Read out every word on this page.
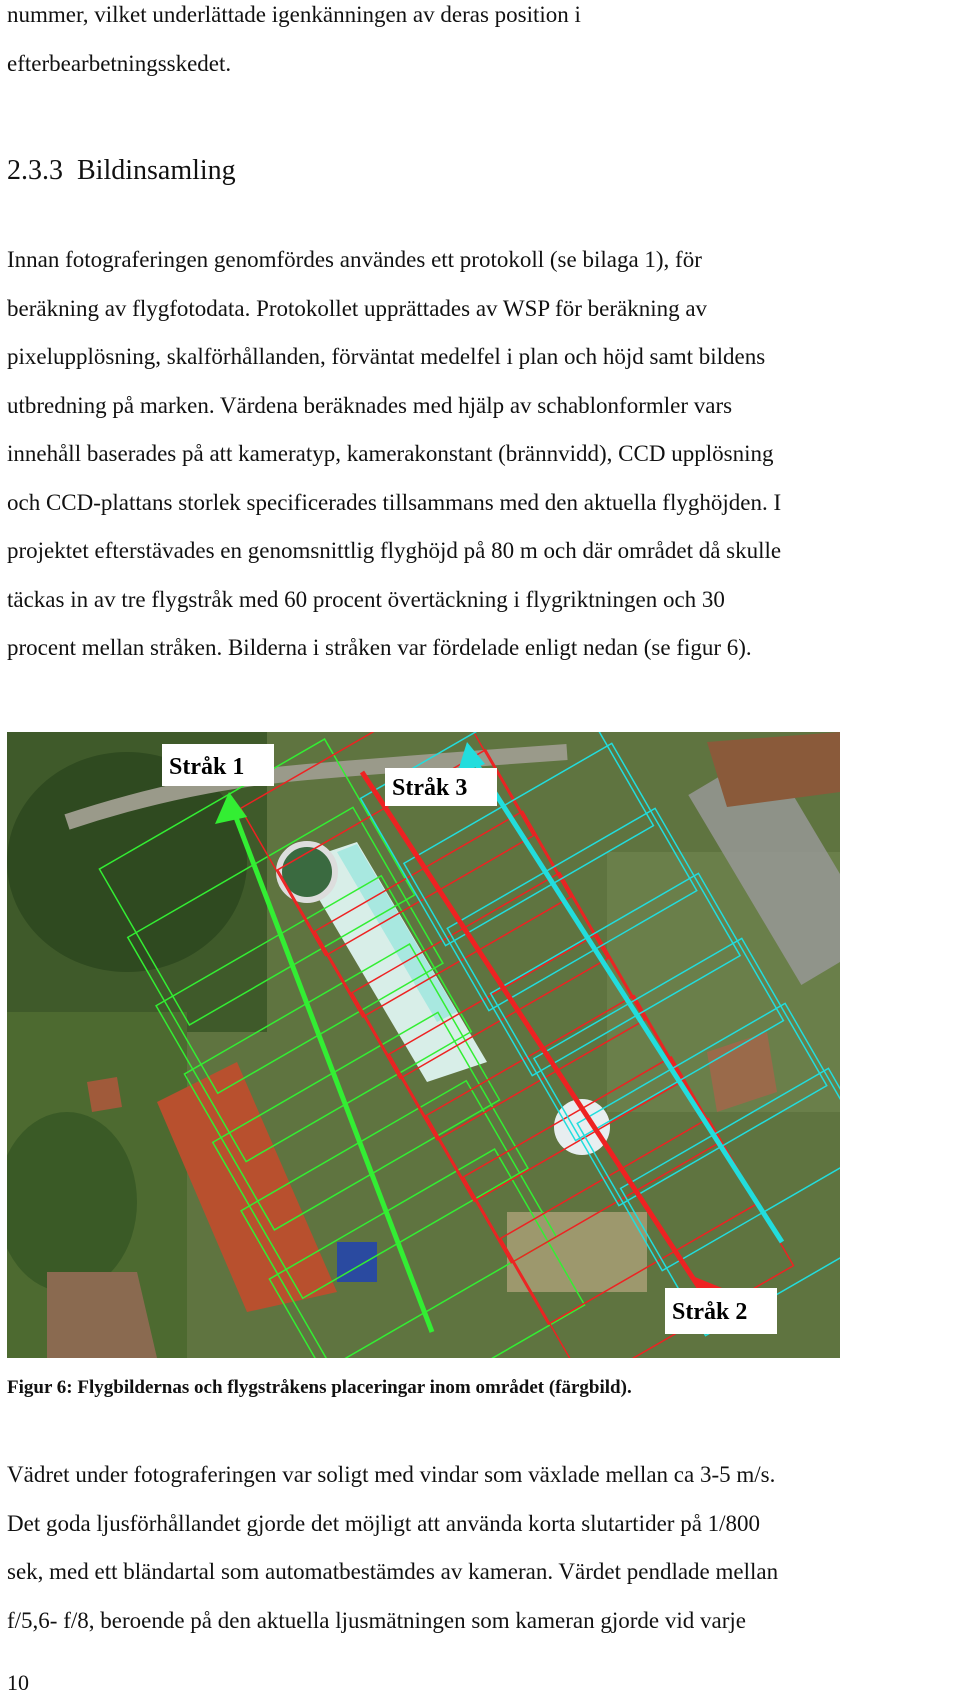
nummer, vilket underlättade igenkänningen av deras position i
efterbearbetningsskedet.

2.3.3 Bildinsamling

Innan fotograferingen genomfördes användes ett protokoll (se bilaga 1), för
beräkning av flygfotodata. Protokollet upprättades av WSP för beräkning av
pixelupplösning, skalförhållanden, förväntat medelfel i plan och höjd samt bildens
utbredning på marken. Värdena beräknades med hjälp av schablonformler vars
innehåll baserades på att kameratyp, kamerakonstant (brännvidd), CCD upplösning
och CCD-plattans storlek specificerades tillsammans med den aktuella flyghöjden. I
projektet efterstävades en genomsnittlig flyghöjd på 80 m och där området då skulle
täckas in av tre flygstråk med 60 procent övertäckning i flygriktningen och 30
procent mellan stråken. Bilderna i stråken var fördelade enligt nedan (se figur 6).

Stråk 1
Stråk 3
Stråk 2

Figur 6: Flygbildernas och flygstråkens placeringar inom området (färgbild).

Vädret under fotograferingen var soligt med vindar som växlade mellan ca 3-5 m/s.
Det goda ljusförhållandet gjorde det möjligt att använda korta slutartider på 1/800
sek, med ett bländartal som automatbestämdes av kameran. Värdet pendlade mellan
f/5,6- f/8, beroende på den aktuella ljusmätningen som kameran gjorde vid varje

10
